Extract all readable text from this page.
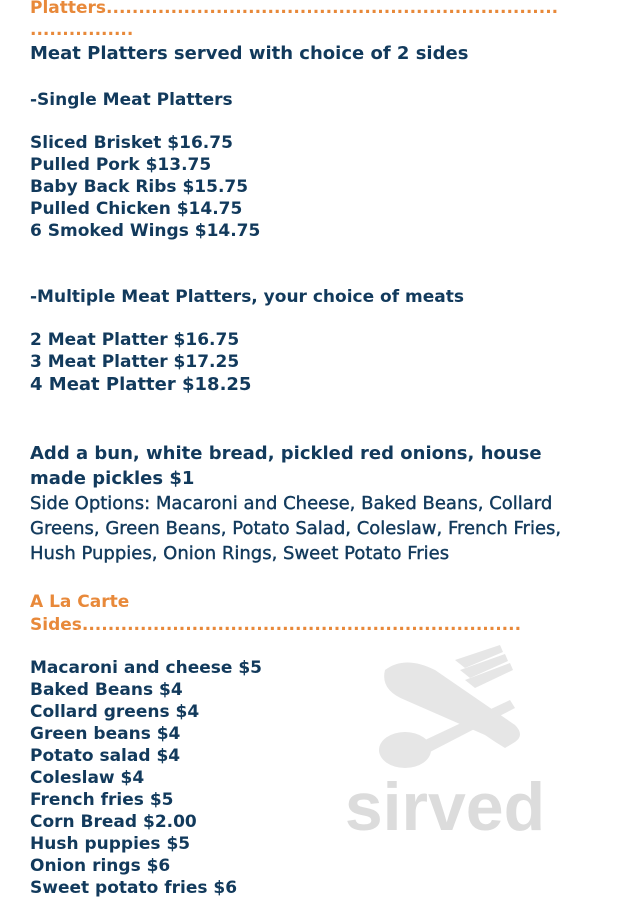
Platters......................................................................
................
Meat Platters served with choice of 2 sides
-Single Meat Platters
Sliced Brisket $16.75
Pulled Pork $13.75
Baby Back Ribs $15.75
Pulled Chicken $14.75
6 Smoked Wings $14.75
-Multiple Meat Platters, your choice of meats
2 Meat Platter $16.75
3 Meat Platter $17.25
4 Meat Platter $18.25
Add a bun, white bread, pickled red onions, house made pickles $1
Side Options: Macaroni and Cheese, Baked Beans, Collard Greens, Green Beans, Potato Salad, Coleslaw, French Fries, Hush Puppies, Onion Rings, Sweet Potato Fries
A La Carte
Sides....................................................................
Macaroni and cheese $5
Baked Beans $4
Collard greens $4
Green beans $4
Potato salad $4
Coleslaw $4
French fries $5
Corn Bread $2.00
Hush puppies $5
Onion rings $6
Sweet potato fries $6
sirved
